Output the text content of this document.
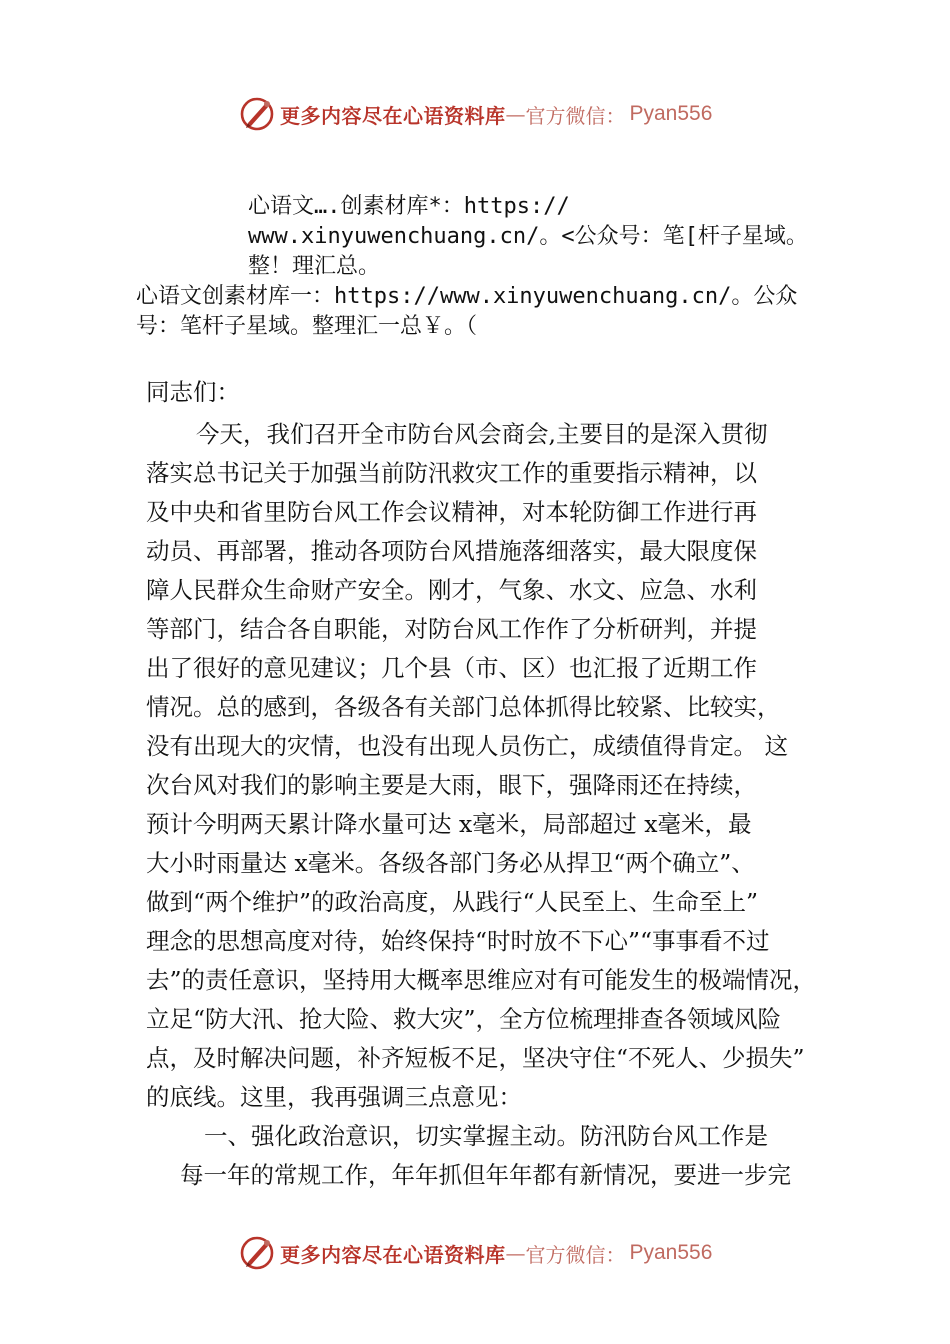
更多内容尽在心语资料库 — 官方微信： Pyan556
心语文….创素材库*：https://
www.xinyuwenchuang.cn/。<公众号：笔[杆子星域。
整！理汇总。
心语文创素材库一：https://www.xinyuwenchuang.cn/。公众
号：笔杆子星域。整理汇一总￥。（
同志们：
今天，我们召开全市防台风会商会,主要目的是深入贯彻
落实总书记关于加强当前防汛救灾工作的重要指示精神，以
及中央和省里防台风工作会议精神，对本轮防御工作进行再
动员、再部署，推动各项防台风措施落细落实，最大限度保
障人民群众生命财产安全。刚才，气象、水文、应急、水利
等部门，结合各自职能，对防台风工作作了分析研判，并提
出了很好的意见建议；几个县（市、区）也汇报了近期工作
情况。总的感到，各级各有关部门总体抓得比较紧、比较实，
没有出现大的灾情，也没有出现人员伤亡，成绩值得肯定。 这
次台风对我们的影响主要是大雨，眼下，强降雨还在持续，
预计今明两天累计降水量可达 x毫米，局部超过 x毫米，最
大小时雨量达 x毫米。各级各部门务必从捍卫“两个确立”、
做到“两个维护”的政治高度，从践行“人民至上、生命至上”
理念的思想高度对待，始终保持“时时放不下心”“事事看不过
去”的责任意识，坚持用大概率思维应对有可能发生的极端情况，
立足“防大汛、抢大险、救大灾”，全方位梳理排查各领域风险
点，及时解决问题，补齐短板不足，坚决守住“不死人、少损失”
的底线。这里，我再强调三点意见：
一、强化政治意识，切实掌握主动。防汛防台风工作是
每一年的常规工作，年年抓但年年都有新情况，要进一步完
更多内容尽在心语资料库 — 官方微信： Pyan556
